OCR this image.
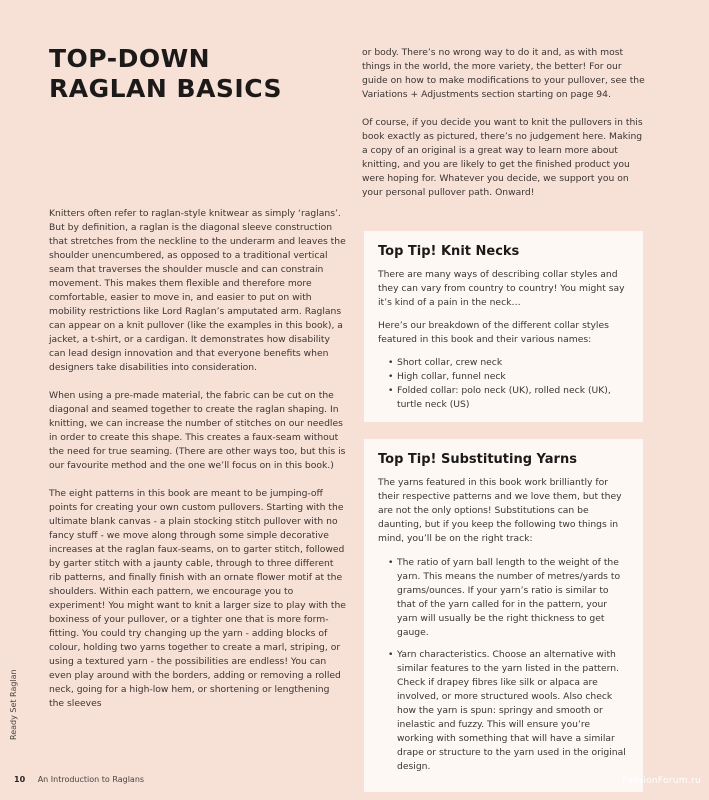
TOP-DOWN
RAGLAN BASICS

Knitters often refer to raglan-style knitwear as simply ‘raglans’. But by definition, a raglan is the diagonal sleeve construction that stretches from the neckline to the underarm and leaves the shoulder unencumbered, as opposed to a traditional vertical seam that traverses the shoulder muscle and can constrain movement. This makes them flexible and therefore more comfortable, easier to move in, and easier to put on with mobility restrictions like Lord Raglan’s amputated arm. Raglans can appear on a knit pullover (like the examples in this book), a jacket, a t-shirt, or a cardigan. It demonstrates how disability can lead design innovation and that everyone benefits when designers take disabilities into consideration.

When using a pre-made material, the fabric can be cut on the diagonal and seamed together to create the raglan shaping. In knitting, we can increase the number of stitches on our needles in order to create this shape. This creates a faux-seam without the need for true seaming. (There are other ways too, but this is our favourite method and the one we’ll focus on in this book.)

The eight patterns in this book are meant to be jumping-off points for creating your own custom pullovers. Starting with the ultimate blank canvas - a plain stocking stitch pullover with no fancy stuff - we move along through some simple decorative increases at the raglan faux-seams, on to garter stitch, followed by garter stitch with a jaunty cable, through to three different rib patterns, and finally finish with an ornate flower motif at the shoulders. Within each pattern, we encourage you to experiment! You might want to knit a larger size to play with the boxiness of your pullover, or a tighter one that is more form-fitting. You could try changing up the yarn - adding blocks of colour, holding two yarns together to create a marl, striping, or using a textured yarn - the possibilities are endless! You can even play around with the borders, adding or removing a rolled neck, going for a high-low hem, or shortening or lengthening the sleeves

or body. There’s no wrong way to do it and, as with most things in the world, the more variety, the better! For our guide on how to make modifications to your pullover, see the Variations + Adjustments section starting on page 94.

Of course, if you decide you want to knit the pullovers in this book exactly as pictured, there’s no judgement here. Making a copy of an original is a great way to learn more about knitting, and you are likely to get the finished product you were hoping for. Whatever you decide, we support you on your personal pullover path. Onward!

Top Tip! Knit Necks

There are many ways of describing collar styles and they can vary from country to country! You might say it’s kind of a pain in the neck…

Here’s our breakdown of the different collar styles featured in this book and their various names:

• Short collar, crew neck
• High collar, funnel neck
• Folded collar: polo neck (UK), rolled neck (UK), turtle neck (US)
Top Tip! Substituting Yarns

The yarns featured in this book work brilliantly for their respective patterns and we love them, but they are not the only options! Substitutions can be daunting, but if you keep the following two things in mind, you’ll be on the right track:

• The ratio of yarn ball length to the weight of the yarn. This means the number of metres/yards to grams/ounces. If your yarn’s ratio is similar to that of the yarn called for in the pattern, your yarn will usually be the right thickness to get gauge.
• Yarn characteristics. Choose an alternative with similar features to the yarn listed in the pattern. Check if drapey fibres like silk or alpaca are involved, or more structured wools. Also check how the yarn is spun: springy and smooth or inelastic and fuzzy. This will ensure you’re working with something that will have a similar drape or structure to the yarn used in the original design.
Ready Set Raglan
10 An Introduction to Raglans	PassionForum.ru
